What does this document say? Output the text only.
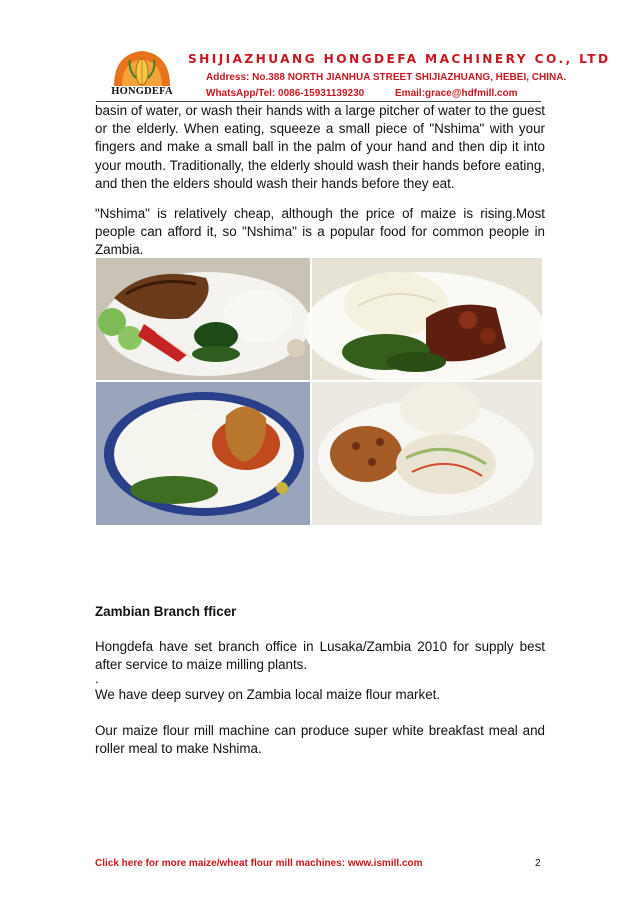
HONGDEFA
SHIJIAZHUANG HONGDEFA MACHINERY CO., LTD
Address: No.388 NORTH JIANHUA STREET SHIJIAZHUANG, HEBEI, CHINA.
WhatsApp/Tel: 0086-15931139230	Email:grace@hdfmill.com

basin of water, or wash their hands with a large pitcher of water to the guest or the elderly. When eating, squeeze a small piece of "Nshima" with your fingers and make a small ball in the palm of your hand and then dip it into your mouth. Traditionally, the elderly should wash their hands before eating, and then the elders should wash their hands before they eat.

"Nshima" is relatively cheap, although the price of maize is rising.Most people can afford it, so "Nshima" is a popular food for common people in Zambia.

Zambian Branch fficer

Hongdefa have set branch office in Lusaka/Zambia 2010 for supply best after service to maize milling plants.

.

We have deep survey on Zambia local maize flour market.

Our maize flour mill machine can produce super white breakfast meal and roller meal to make Nshima.

Click here for more maize/wheat flour mill machines: www.ismill.com	2
